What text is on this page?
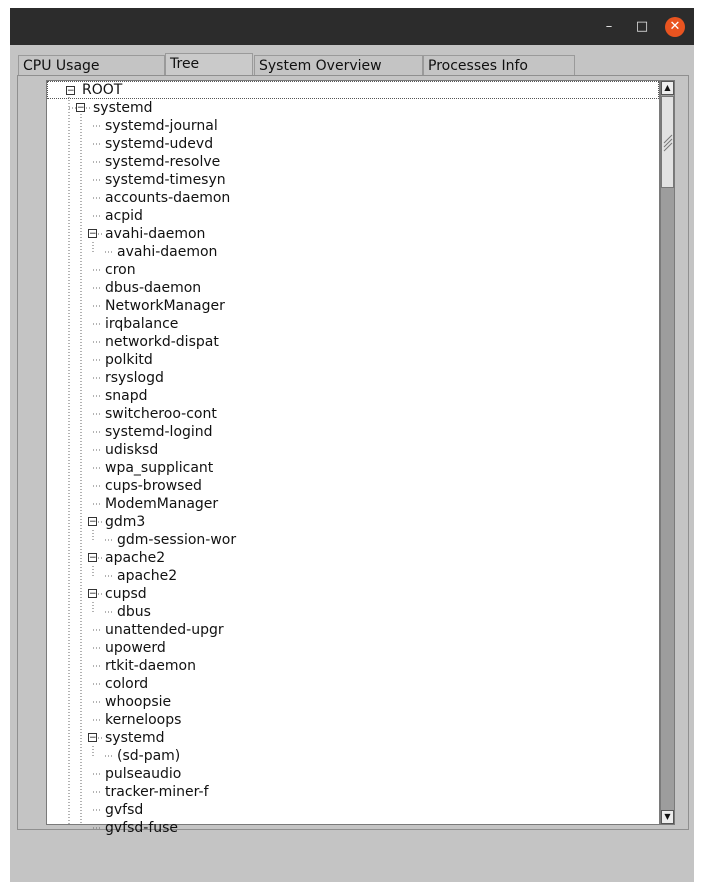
–	□	✕
CPU Usage	Tree	System Overview	Processes Info
− ROOT
− systemd
systemd-journal
systemd-udevd
systemd-resolve
systemd-timesyn
accounts-daemon
acpid
− avahi-daemon
avahi-daemon
cron
dbus-daemon
NetworkManager
irqbalance
networkd-dispat
polkitd
rsyslogd
snapd
switcheroo-cont
systemd-logind
udisksd
wpa_supplicant
cups-browsed
ModemManager
− gdm3
gdm-session-wor
− apache2
apache2
− cupsd
dbus
unattended-upgr
upowerd
rtkit-daemon
colord
whoopsie
kerneloops
− systemd
(sd-pam)
pulseaudio
tracker-miner-f
gvfsd
gvfsd-fuse
▲
▼
